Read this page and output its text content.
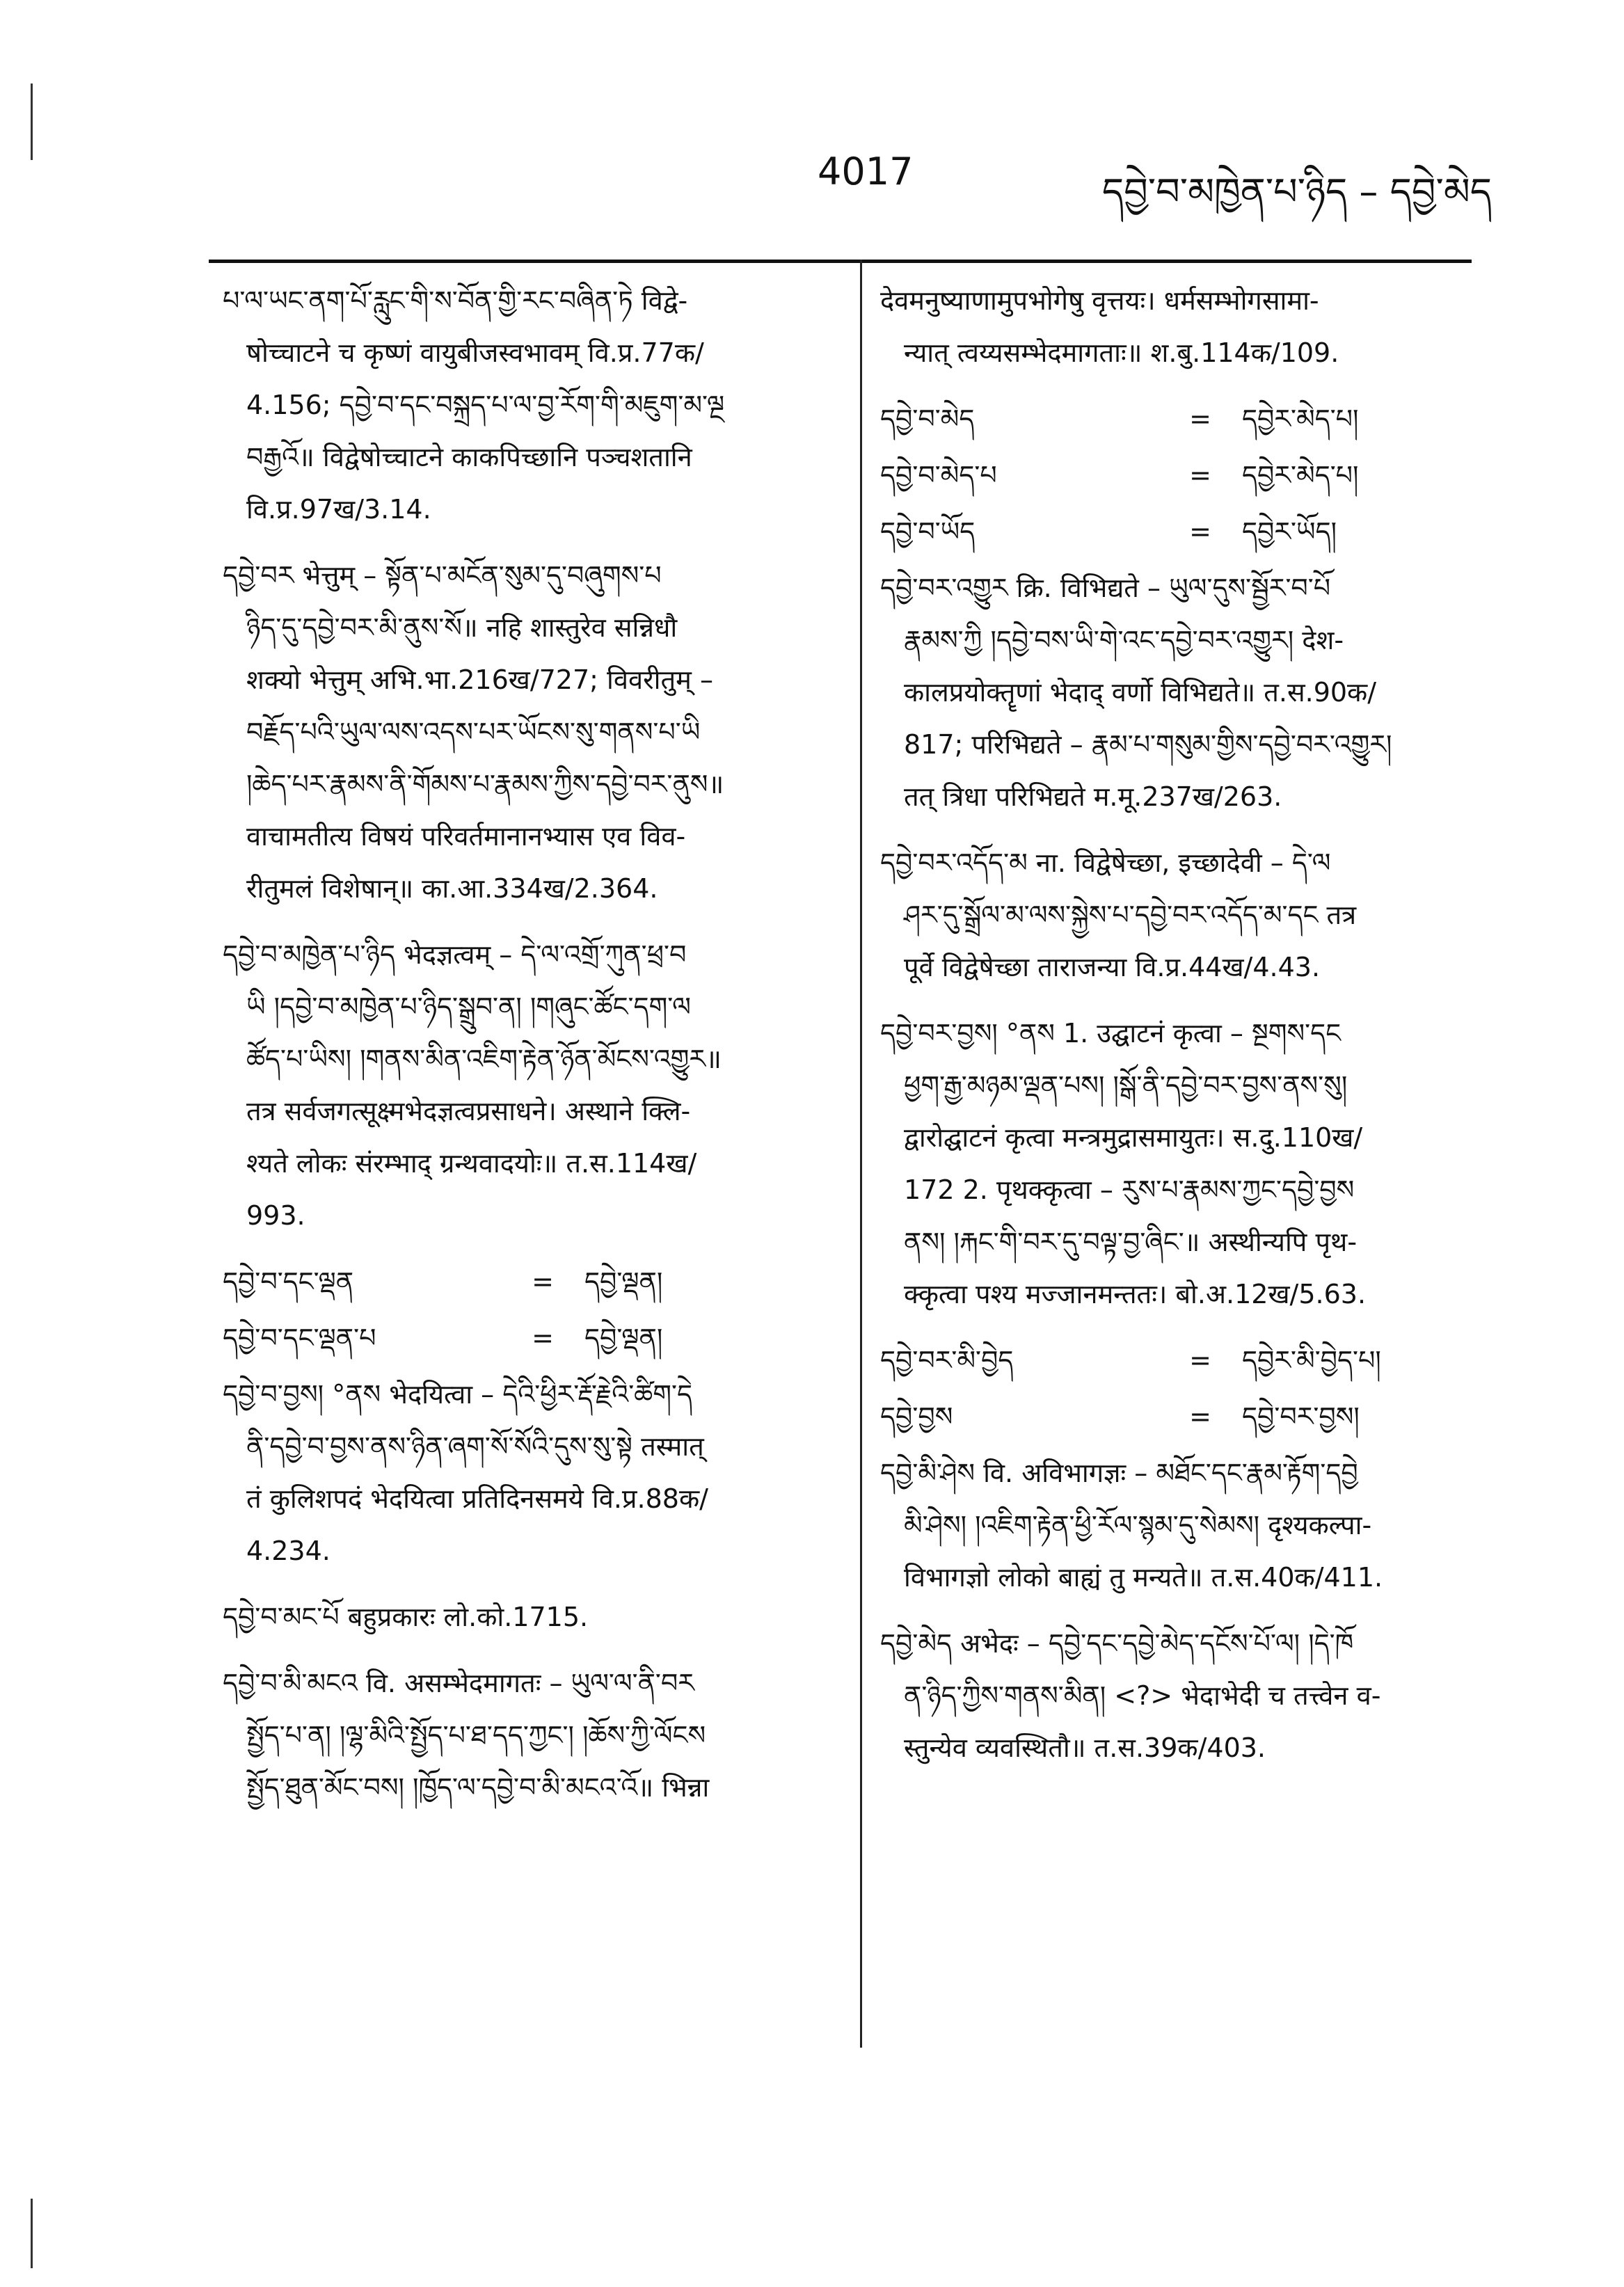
4017	དབྱེ་བ་མཁྱེན་པ་ཉིད – དབྱེ་མེད

པ་ལ་ཡང་ནག་པོ་རླུང་གི་ས་བོན་གྱི་རང་བཞིན་ཏེ विद्वे-

षोच्चाटने च कृष्णं वायुबीजस्वभावम् वि.प्र.77क/

4.156; དབྱེ་བ་དང་བསྐྲད་པ་ལ་བྱ་རོག་གི་མཇུག་མ་ལྔ

བརྒྱའོ॥ विद्वेषोच्चाटने काकपिच्छानि पञ्चशतानि

वि.प्र.97ख/3.14.

དབྱེ་བར भेत्तुम् – སྟོན་པ་མངོན་སུམ་དུ་བཞུགས་པ

ཉིད་དུ་དབྱེ་བར་མི་ནུས་སོ॥ नहि शास्तुरेव सन्निधौ

शक्यो भेत्तुम् अभि.भा.216ख/727; विवरीतुम् –

བརྗོད་པའི་ཡུལ་ལས་འདས་པར་ཡོངས་སུ་གནས་པ་ཡི

།ཆེད་པར་རྣམས་ནི་གོམས་པ་རྣམས་ཀྱིས་དབྱེ་བར་ནུས॥

वाचामतीत्य विषयं परिवर्तमानानभ्यास एव विव-

रीतुमलं विशेषान्॥ का.आ.334ख/2.364.

དབྱེ་བ་མཁྱེན་པ་ཉིད भेदज्ञत्वम् – དེ་ལ་འགྲོ་ཀུན་ཕྲ་བ

ཡི །དབྱེ་བ་མཁྱེན་པ་ཉིད་སྒྲུབ་ན། །གཞུང་ཚོང་དག་ལ

ཚོད་པ་ཡིས། །གནས་མིན་འཇིག་རྟེན་ཉོན་མོངས་འགྱུར॥

तत्र सर्वजगत्सूक्ष्मभेदज्ञत्वप्रसाधने। अस्थाने क्लि-

श्यते लोकः संरम्भाद् ग्रन्थवादयोः॥ त.स.114ख/

993.

དབྱེ་བ་དང་ལྡན	=	དབྱེ་ལྡན།
དབྱེ་བ་དང་ལྡན་པ	=	དབྱེ་ལྡན།

དབྱེ་བ་བྱས། °ནས भेदयित्वा – དེའི་ཕྱིར་རྡོ་རྗེའི་ཚིག་དེ

ནི་དབྱེ་བ་བྱས་ནས་ཉིན་ཞག་སོ་སོའི་དུས་སུ་སྟེ तस्मात्

तं कुलिशपदं भेदयित्वा प्रतिदिनसमये वि.प्र.88क/

4.234.

དབྱེ་བ་མང་པོ बहुप्रकारः लो.को.1715.

དབྱེ་བ་མི་མངའ वि. असम्भेदमागतः – ཡུལ་ལ་ནི་བར

སྤྱོད་པ་ན། །ལྷ་མིའི་སྤྱོད་པ་ཐ་དད་ཀྱང་། །ཆོས་ཀྱི་ལོངས

སྤྱོད་ཐུན་མོང་བས། །ཁྱོད་ལ་དབྱེ་བ་མི་མངའ་འོ॥ भिन्ना

देवमनुष्याणामुपभोगेषु वृत्तयः। धर्मसम्भोगसामा-

न्यात् त्वय्यसम्भेदमागताः॥ श.बु.114क/109.

དབྱེ་བ་མེད	=	དབྱེར་མེད་པ།
དབྱེ་བ་མེད་པ	=	དབྱེར་མེད་པ།
དབྱེ་བ་ཡོད	=	དབྱེར་ཡོད།

དབྱེ་བར་འགྱུར क्रि. विभिद्यते – ཡུལ་དུས་སྦྱོར་བ་པོ

རྣམས་ཀྱི །དབྱེ་བས་ཡི་གེ་འང་དབྱེ་བར་འགྱུར། देश-

कालप्रयोक्तॄणां भेदाद् वर्णो विभिद्यते॥ त.स.90क/

817; परिभिद्यते – རྣམ་པ་གསུམ་གྱིས་དབྱེ་བར་འགྱུར།

तत् त्रिधा परिभिद्यते म.मू.237ख/263.

དབྱེ་བར་འདོད་མ ना. विद्वेषेच्छा, इच्छादेवी – དེ་ལ

ཤར་དུ་སྒྲོལ་མ་ལས་སྐྱེས་པ་དབྱེ་བར་འདོད་མ་དང तत्र

पूर्वे विद्वेषेच्छा ताराजन्या वि.प्र.44ख/4.43.

དབྱེ་བར་བྱས། °ནས 1. उद्घाटनं कृत्वा – སྔགས་དང

ཕྱག་རྒྱ་མཉམ་ལྡན་པས། །སྒོ་ནི་དབྱེ་བར་བྱས་ནས་སུ།

द्वारोद्घाटनं कृत्वा मन्त्रमुद्रासमायुतः। स.दु.110ख/

172 2. पृथक्कृत्वा – རུས་པ་རྣམས་ཀྱང་དབྱེ་བྱས

ནས། །རྐང་གི་བར་དུ་བལྟ་བྱ་ཞིང་॥ अस्थीन्यपि पृथ-

क्कृत्वा पश्य मज्जानमन्ततः। बो.अ.12ख/5.63.

དབྱེ་བར་མི་བྱེད	=	དབྱེར་མི་བྱེད་པ།
དབྱེ་བྱས	=	དབྱེ་བར་བྱས།

དབྱེ་མི་ཤེས वि. अविभागज्ञः – མཐོང་དང་རྣམ་རྟོག་དབྱེ

མི་ཤེས། །འཇིག་རྟེན་ཕྱི་རོལ་སྙམ་དུ་སེམས། दृश्यकल्पा-

विभागज्ञो लोको बाह्यं तु मन्यते॥ त.स.40क/411.

དབྱེ་མེད अभेदः – དབྱེ་དང་དབྱེ་མེད་དངོས་པོ་ལ། །དེ་ཁོ

ན་ཉིད་ཀྱིས་གནས་མིན། <?> भेदाभेदी च तत्त्वेन व-

स्तुन्येव व्यवस्थितौ॥ त.स.39क/403.
